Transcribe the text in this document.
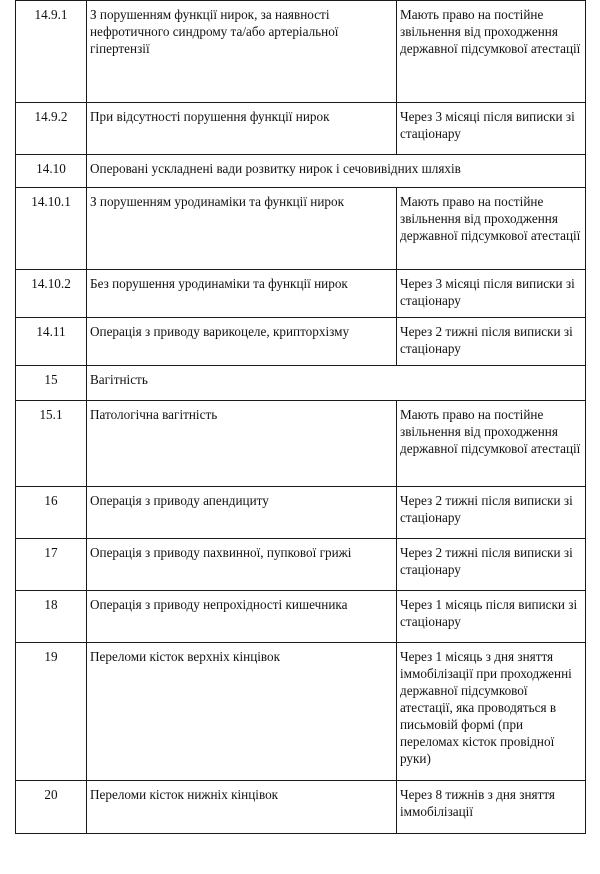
14.9.1	З порушенням функції нирок, за наявності нефротичного синдрому та/або артеріальної гіпертензії	Мають право на постійне звільнення від проходження державної підсумкової атестації
14.9.2	При відсутності порушення функції нирок	Через 3 місяці після виписки зі стаціонару
14.10	Оперовані ускладнені вади розвитку нирок і сечовивідних шляхів	
14.10.1	З порушенням уродинаміки та функції нирок	Мають право на постійне звільнення від проходження державної підсумкової атестації
14.10.2	Без порушення уродинаміки та функції нирок	Через 3 місяці після виписки зі стаціонару
14.11	Операція з приводу варикоцеле, крипторхізму	Через 2 тижні після виписки зі стаціонару
15	Вагітність	
15.1	Патологічна вагітність	Мають право на постійне звільнення від проходження державної підсумкової атестації
16	Операція з приводу апендициту	Через 2 тижні після виписки зі стаціонару
17	Операція з приводу пахвинної, пупкової грижі	Через 2 тижні після виписки зі стаціонару
18	Операція з приводу непрохідності кишечника	Через 1 місяць після виписки зі стаціонару
19	Переломи кісток верхніх кінцівок	Через 1 місяць з дня зняття іммобілізації при проходженні державної підсумкової атестації, яка проводяться в письмовій формі (при переломах кісток провідної руки)
20	Переломи кісток нижніх кінцівок	Через 8 тижнів з дня зняття іммобілізації
